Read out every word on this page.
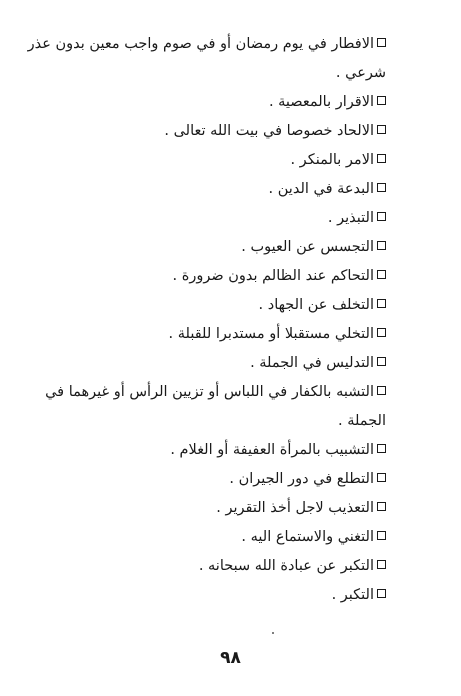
الافطار في يوم رمضان أو في صوم واجب معين بدون عذر
شرعي .
الاقرار بالمعصية .
الالحاد خصوصا في بيت الله تعالى .
الامر بالمنكر .
البدعة في الدين .
التبذير .
التجسس عن العيوب .
التحاكم عند الظالم بدون ضرورة .
التخلف عن الجهاد .
التخلي مستقبلا أو مستدبرا للقبلة .
التدليس في الجملة .
التشبه بالكفار في اللباس أو تزيين الرأس أو غيرهما في
الجملة .
التشبيب بالمرأة العفيفة أو الغلام .
التطلع في دور الجيران .
التعذيب لاجل أخذ التقرير .
التغني والاستماع اليه .
التكبر عن عبادة الله سبحانه .
التكبر .
٩٨
